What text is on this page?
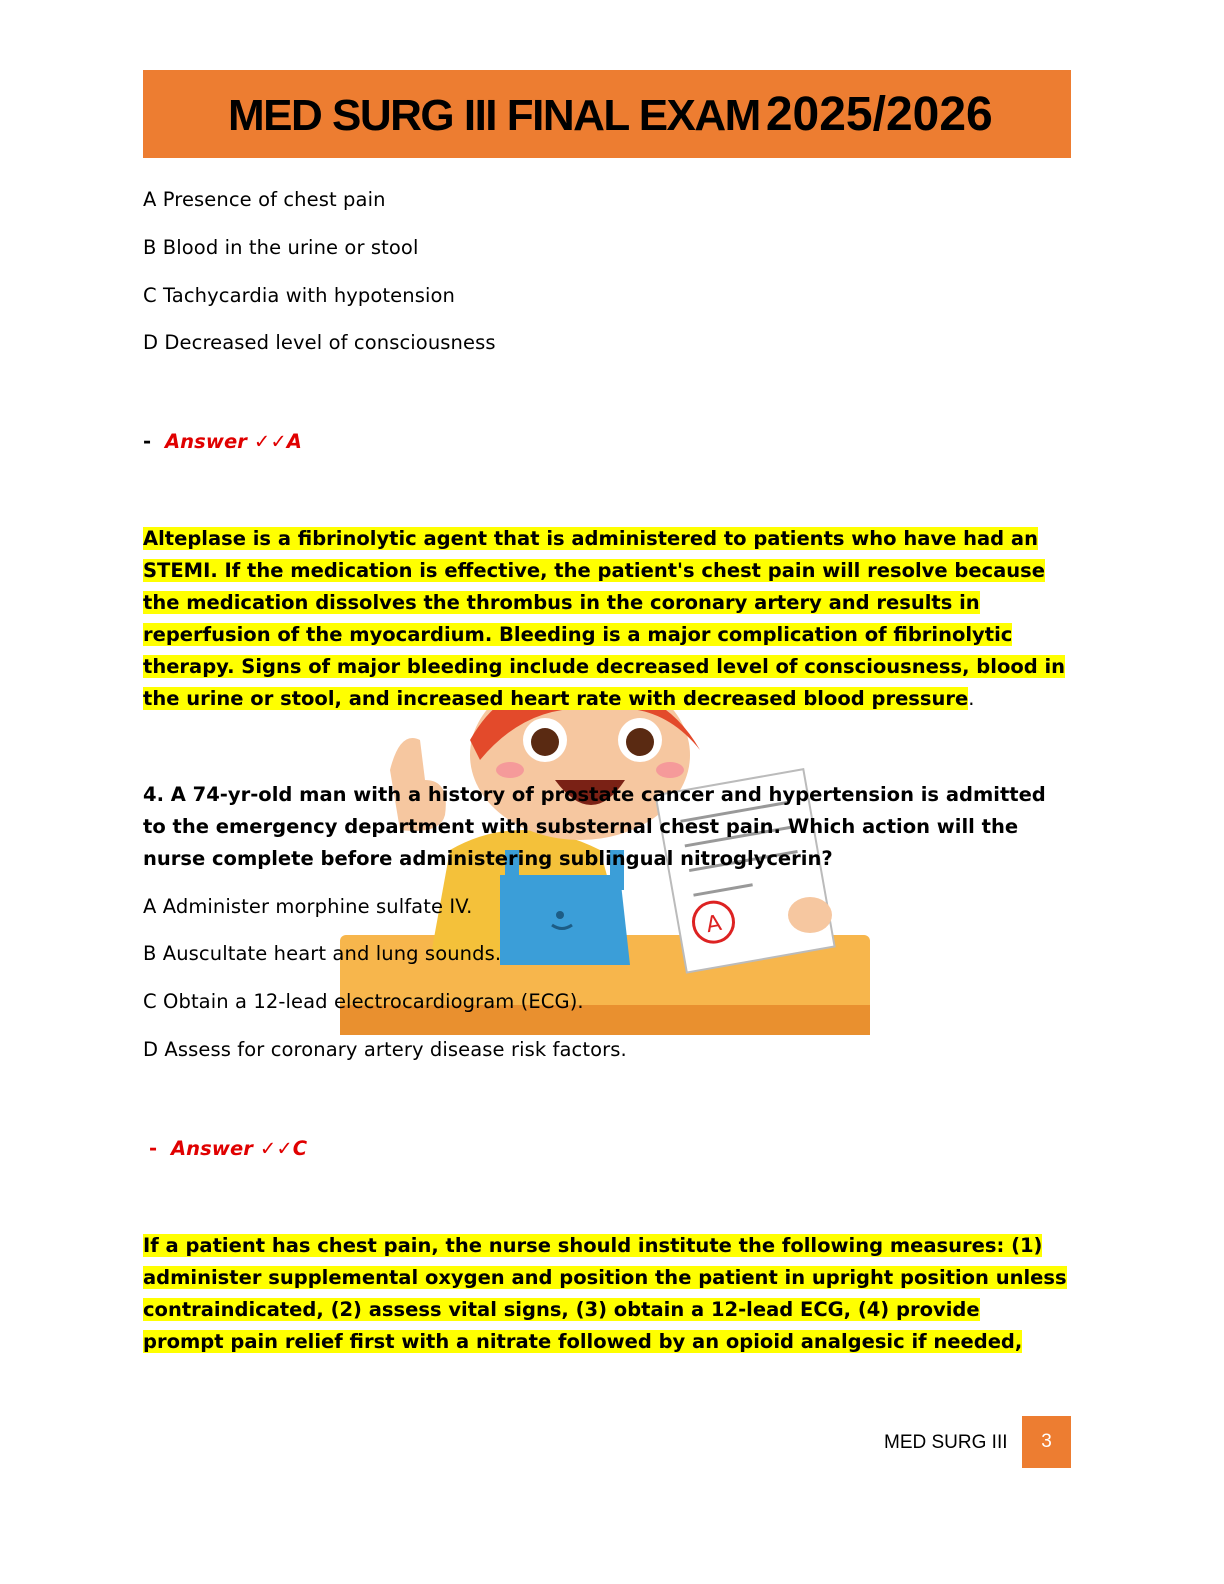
MED SURG III FINAL EXAM 2025/2026
A Presence of chest pain
B Blood in the urine or stool
C Tachycardia with hypotension
D Decreased level of consciousness
- Answer ✓✓A
A
Alteplase is a fibrinolytic agent that is administered to patients who have had an
STEMI. If the medication is effective, the patient's chest pain will resolve because
the medication dissolves the thrombus in the coronary artery and results in
reperfusion of the myocardium. Bleeding is a major complication of fibrinolytic
therapy. Signs of major bleeding include decreased level of consciousness, blood in
the urine or stool, and increased heart rate with decreased blood pressure.
4. A 74-yr-old man with a history of prostate cancer and hypertension is admitted
to the emergency department with substernal chest pain. Which action will the
nurse complete before administering sublingual nitroglycerin?
A Administer morphine sulfate IV.
B Auscultate heart and lung sounds.
C Obtain a 12-lead electrocardiogram (ECG).
D Assess for coronary artery disease risk factors.
- Answer ✓✓C
If a patient has chest pain, the nurse should institute the following measures: (1)
administer supplemental oxygen and position the patient in upright position unless
contraindicated, (2) assess vital signs, (3) obtain a 12-lead ECG, (4) provide
prompt pain relief first with a nitrate followed by an opioid analgesic if needed,
MED SURG III	3
